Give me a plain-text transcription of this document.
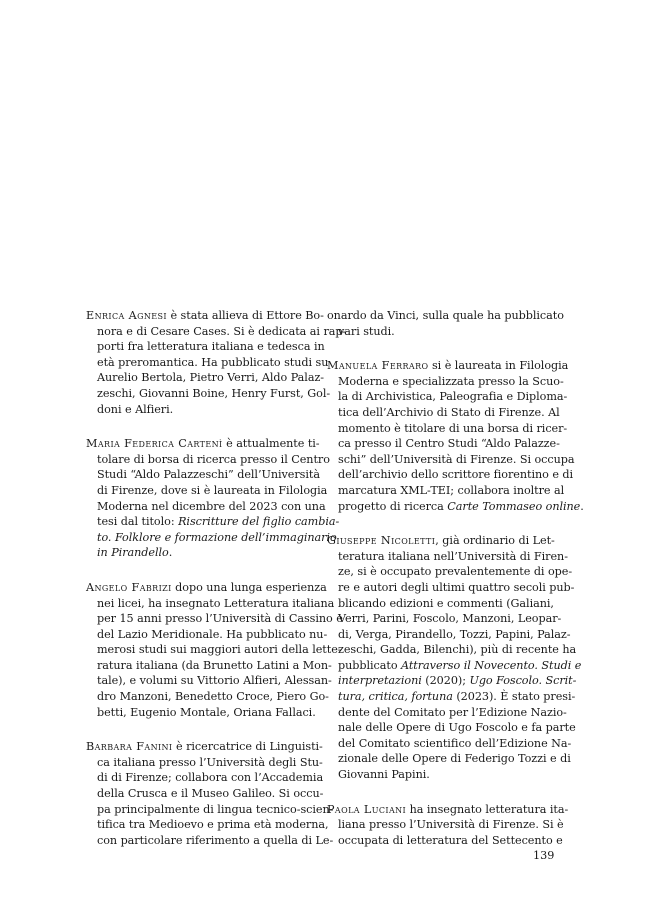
Enrica Agnesi è stata allieva di Ettore Bo-
nora e di Cesare Cases. Si è dedicata ai rap-
porti fra letteratura italiana e tedesca in
età preromantica. Ha pubblicato studi su
Aurelio Bertola, Pietro Verri, Aldo Palaz-
zeschi, Giovanni Boine, Henry Furst, Gol-
doni e Alfieri.
Maria Federica Cartenì è attualmente ti-
tolare di borsa di ricerca presso il Centro
Studi “Aldo Palazzeschi” dell’Università
di Firenze, dove si è laureata in Filologia
Moderna nel dicembre del 2023 con una
tesi dal titolo: Riscritture del figlio cambia-
to. Folklore e formazione dell’immaginario
in Pirandello.
Angelo Fabrizi dopo una lunga esperienza
nei licei, ha insegnato Letteratura italiana
per 15 anni presso l’Università di Cassino e
del Lazio Meridionale. Ha pubblicato nu-
merosi studi sui maggiori autori della lette-
ratura italiana (da Brunetto Latini a Mon-
tale), e volumi su Vittorio Alfieri, Alessan-
dro Manzoni, Benedetto Croce, Piero Go-
betti, Eugenio Montale, Oriana Fallaci.
Barbara Fanini è ricercatrice di Linguisti-
ca italiana presso l’Università degli Stu-
di di Firenze; collabora con l’Accademia
della Crusca e il Museo Galileo. Si occu-
pa principalmente di lingua tecnico-scien-
tifica tra Medioevo e prima età moderna,
con particolare riferimento a quella di Le-
onardo da Vinci, sulla quale ha pubblicato
vari studi.
Manuela Ferraro si è laureata in Filologia
Moderna e specializzata presso la Scuo-
la di Archivistica, Paleografia e Diploma-
tica dell’Archivio di Stato di Firenze. Al
momento è titolare di una borsa di ricer-
ca presso il Centro Studi “Aldo Palazze-
schi” dell’Università di Firenze. Si occupa
dell’archivio dello scrittore fiorentino e di
marcatura XML-TEI; collabora inoltre al
progetto di ricerca Carte Tommaseo online.
Giuseppe Nicoletti, già ordinario di Let-
teratura italiana nell’Università di Firen-
ze, si è occupato prevalentemente di ope-
re e autori degli ultimi quattro secoli pub-
blicando edizioni e commenti (Galiani,
Verri, Parini, Foscolo, Manzoni, Leopar-
di, Verga, Pirandello, Tozzi, Papini, Palaz-
zeschi, Gadda, Bilenchi), più di recente ha
pubblicato Attraverso il Novecento. Studi e
interpretazioni (2020); Ugo Foscolo. Scrit-
tura, critica, fortuna (2023). È stato presi-
dente del Comitato per l’Edizione Nazio-
nale delle Opere di Ugo Foscolo e fa parte
del Comitato scientifico dell’Edizione Na-
zionale delle Opere di Federigo Tozzi e di
Giovanni Papini.
Paola Luciani ha insegnato letteratura ita-
liana presso l’Università di Firenze. Si è
occupata di letteratura del Settecento e
139
